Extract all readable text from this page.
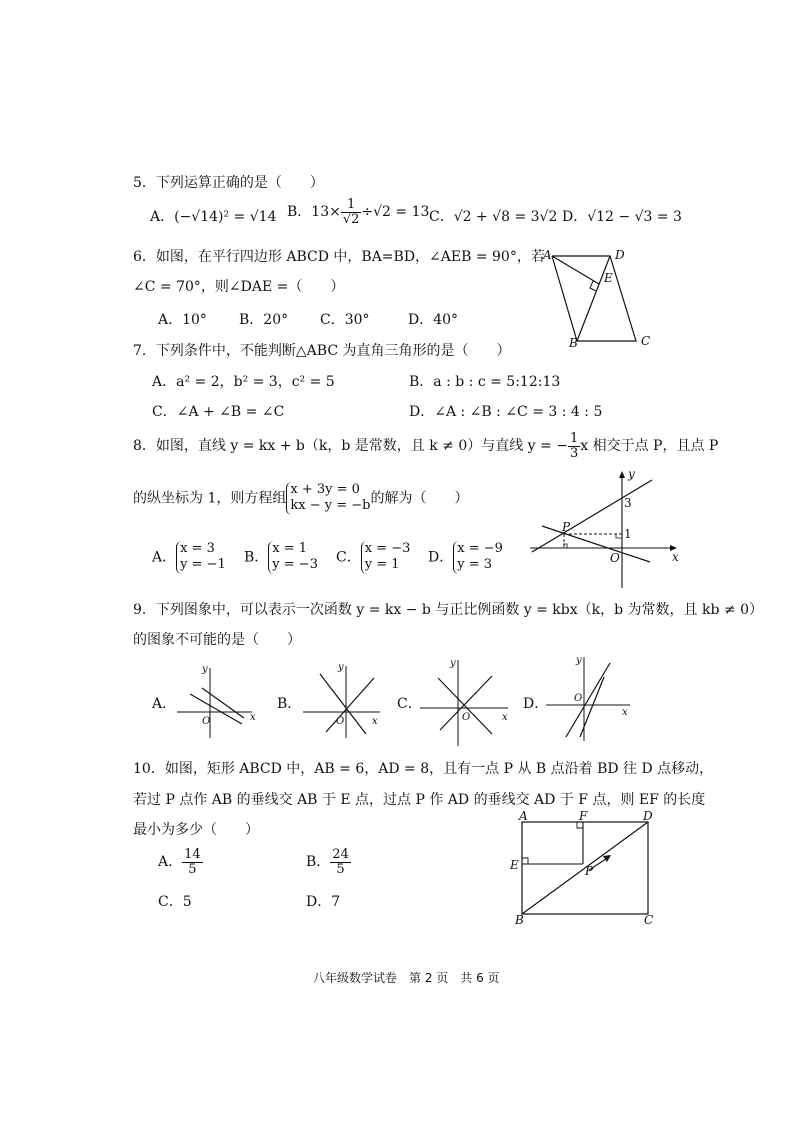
5．下列运算正确的是（　　）
A．(−√14)² = √14 B．$13\times \frac{1}{√2} \div√2 = 13$ C．√2 + √8 = 3√2 D．√12 − √3 = 3
6．如图，在平行四边形 ABCD 中，BA=BD，∠AEB = 90°，若
∠C = 70°，则∠DAE =（　　）
A．10° B．20° C．30°	D．40°
A	D
E
B	C
7．下列条件中，不能判断△ABC 为直角三角形的是（　　）
A．a² = 2，b² = 3，c² = 5	B．a : b : c = 5:12:13
C．∠A + ∠B = ∠C	D．∠A : ∠B : ∠C = 3 : 4 : 5
8．如图，直线 y = kx + b（k，b 是常数，且 k ≠ 0）与直线 y = − $\frac{1}{3}$ x 相交于点 P，且点 P
的纵坐标为 1，则方程组
x + 3y = 0
kx − y = −b 的解为（　　）
A．
x = 3
y = −1 B．
x = 1
y = −3 C．
x = −3
y = 1	D．
x = −9
y = 3
y
x
O
P
3
1
9．下列图象中，可以表示一次函数 y = kx − b 与正比例函数 y = kbx（k，b 为常数，且 kb ≠ 0）
的图象不可能的是（　　）
A．
y
x
O
B．
y
x
O
C．
y
x
O
D．
y
x
O
10．如图，矩形 ABCD 中，AB = 6，AD = 8，且有一点 P 从 B 点沿着 BD 往 D 点移动，
若过 P 点作 AB 的垂线交 AB 于 E 点，过点 P 作 AD 的垂线交 AD 于 F 点，则 EF 的长度
最小为多少（　　）
A． $\frac{14}{5}$	B． $\frac{24}{5}$
C．5	D．7
A	F	D
E	P
B	C
八年级数学试卷　第 2 页　共 6 页
